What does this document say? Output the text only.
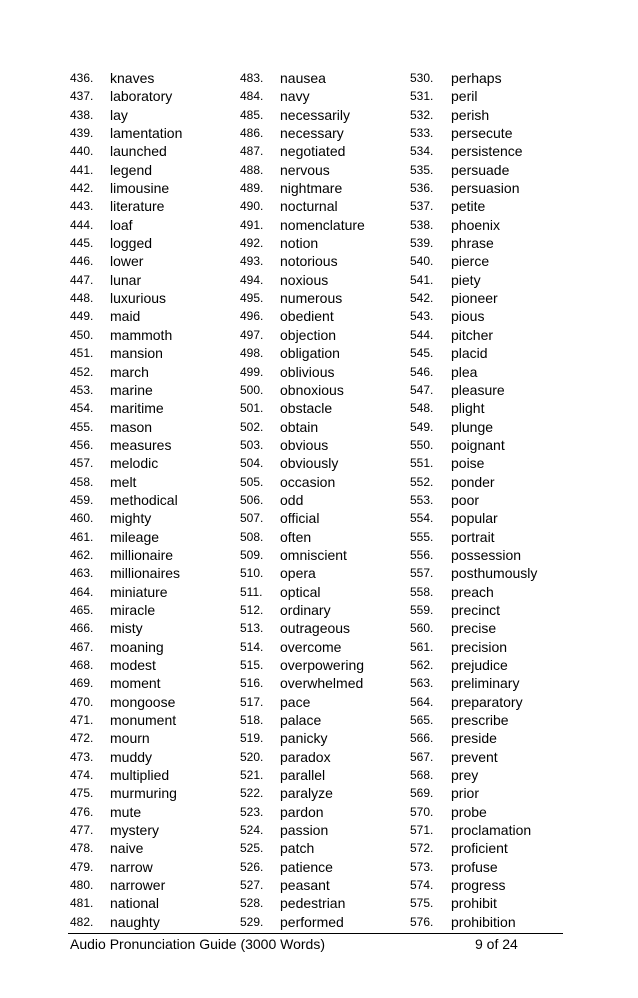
436.	knaves
437.	laboratory
438.	lay
439.	lamentation
440.	launched
441.	legend
442.	limousine
443.	literature
444.	loaf
445.	logged
446.	lower
447.	lunar
448.	luxurious
449.	maid
450.	mammoth
451.	mansion
452.	march
453.	marine
454.	maritime
455.	mason
456.	measures
457.	melodic
458.	melt
459.	methodical
460.	mighty
461.	mileage
462.	millionaire
463.	millionaires
464.	miniature
465.	miracle
466.	misty
467.	moaning
468.	modest
469.	moment
470.	mongoose
471.	monument
472.	mourn
473.	muddy
474.	multiplied
475.	murmuring
476.	mute
477.	mystery
478.	naive
479.	narrow
480.	narrower
481.	national
482.	naughty
483.	nausea
484.	navy
485.	necessarily
486.	necessary
487.	negotiated
488.	nervous
489.	nightmare
490.	nocturnal
491.	nomenclature
492.	notion
493.	notorious
494.	noxious
495.	numerous
496.	obedient
497.	objection
498.	obligation
499.	oblivious
500.	obnoxious
501.	obstacle
502.	obtain
503.	obvious
504.	obviously
505.	occasion
506.	odd
507.	official
508.	often
509.	omniscient
510.	opera
511.	optical
512.	ordinary
513.	outrageous
514.	overcome
515.	overpowering
516.	overwhelmed
517.	pace
518.	palace
519.	panicky
520.	paradox
521.	parallel
522.	paralyze
523.	pardon
524.	passion
525.	patch
526.	patience
527.	peasant
528.	pedestrian
529.	performed
530.	perhaps
531.	peril
532.	perish
533.	persecute
534.	persistence
535.	persuade
536.	persuasion
537.	petite
538.	phoenix
539.	phrase
540.	pierce
541.	piety
542.	pioneer
543.	pious
544.	pitcher
545.	placid
546.	plea
547.	pleasure
548.	plight
549.	plunge
550.	poignant
551.	poise
552.	ponder
553.	poor
554.	popular
555.	portrait
556.	possession
557.	posthumously
558.	preach
559.	precinct
560.	precise
561.	precision
562.	prejudice
563.	preliminary
564.	preparatory
565.	prescribe
566.	preside
567.	prevent
568.	prey
569.	prior
570.	probe
571.	proclamation
572.	proficient
573.	profuse
574.	progress
575.	prohibit
576.	prohibition
Audio Pronunciation Guide (3000 Words)	9 of 24
